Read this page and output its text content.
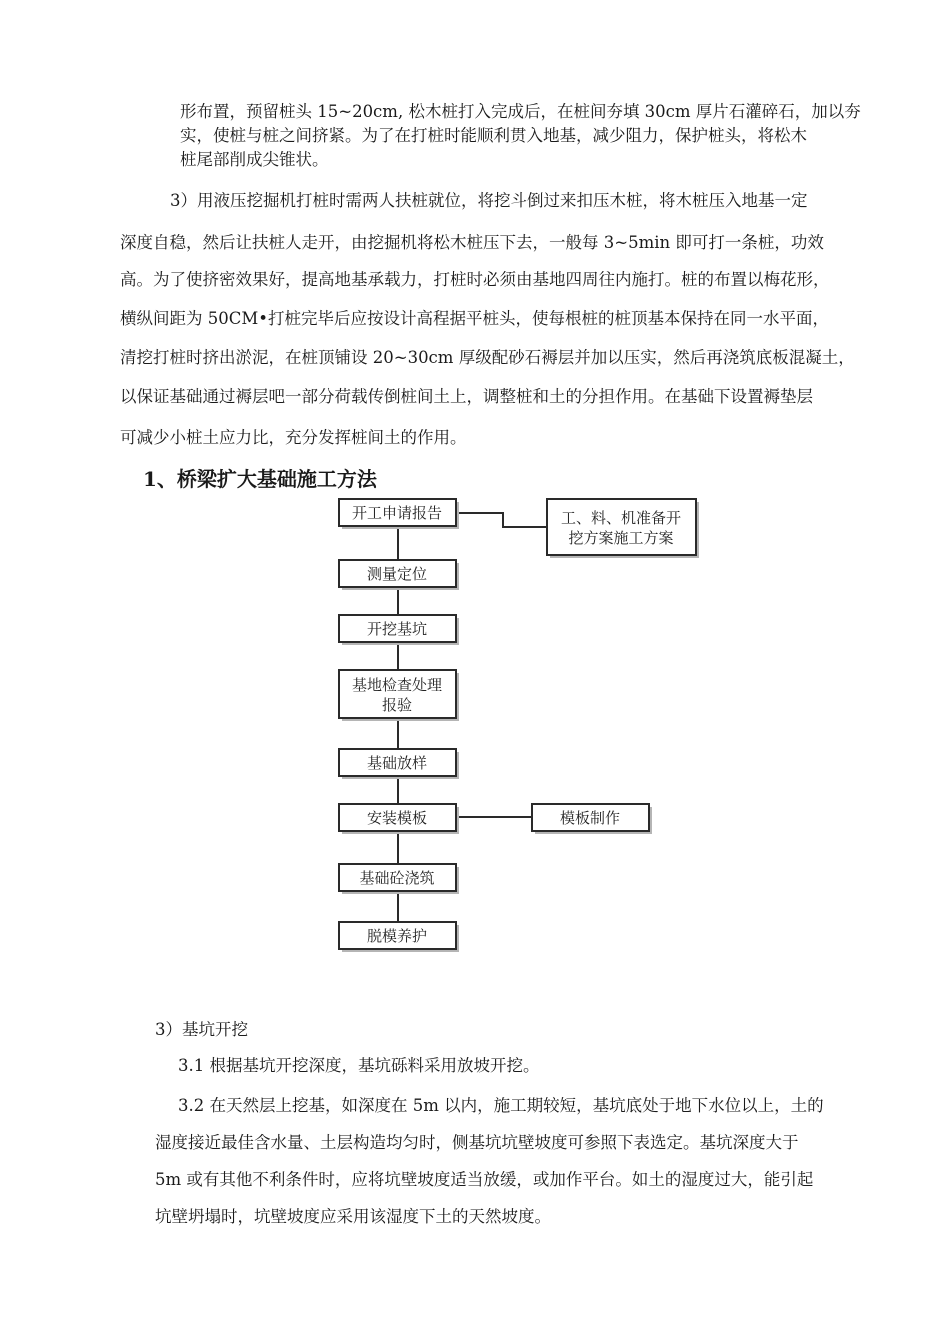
形布置，预留桩头 15~20cm, 松木桩打入完成后，在桩间夯填 30cm 厚片石灌碎石，加以夯

实，使桩与桩之间挤紧。为了在打桩时能顺利贯入地基，减少阻力，保护桩头，将松木

桩尾部削成尖锥状。

3）用液压挖掘机打桩时需两人扶桩就位，将挖斗倒过来扣压木桩，将木桩压入地基一定

深度自稳，然后让扶桩人走开，由挖掘机将松木桩压下去，一般每 3~5min 即可打一条桩，功效

高。为了使挤密效果好，提高地基承载力，打桩时必须由基地四周往内施打。桩的布置以梅花形，

横纵间距为 50CM•打桩完毕后应按设计高程据平桩头，使每根桩的桩顶基本保持在同一水平面，

清挖打桩时挤出淤泥，在桩顶铺设 20~30cm 厚级配砂石褥层并加以压实，然后再浇筑底板混凝土，

以保证基础通过褥层吧一部分荷载传倒桩间土上，调整桩和土的分担作用。在基础下设置褥垫层

可减少小桩土应力比，充分发挥桩间土的作用。

1、桥梁扩大基础施工方法
开工申请报告
测量定位
开挖基坑
基地检查处理
报验
基础放样
安装模板
基础砼浇筑
脱模养护
工、料、机准备开
挖方案施工方案
模板制作

3）基坑开挖

3.1 根据基坑开挖深度，基坑砾料采用放坡开挖。

3.2 在天然层上挖基，如深度在 5m 以内，施工期较短，基坑底处于地下水位以上，土的

湿度接近最佳含水量、土层构造均匀时，侧基坑坑壁坡度可参照下表选定。基坑深度大于

5m 或有其他不利条件时，应将坑壁坡度适当放缓，或加作平台。如土的湿度过大，能引起

坑壁坍塌时，坑壁坡度应采用该湿度下土的天然坡度。
